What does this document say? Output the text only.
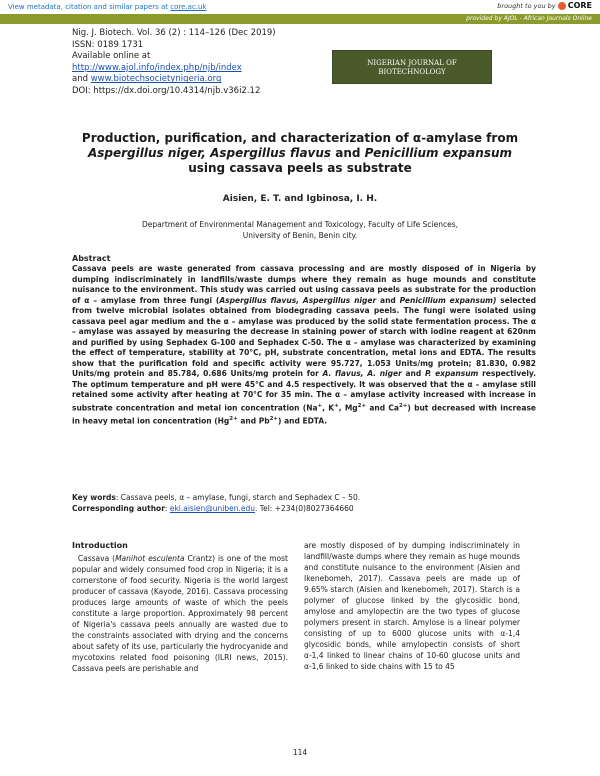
View metadata, citation and similar papers at core.ac.uk	brought to you by CORE
provided by AJOL - African Journals Online
Nig. J. Biotech. Vol. 36 (2) : 114–126 (Dec 2019)
ISSN: 0189 1731
Available online at
http://www.ajol.info/index.php/njb/index
and www.biotechsocietynigeria.org
DOI: https://dx.doi.org/10.4314/njb.v36i2.12
NIGERIAN JOURNAL OF
BIOTECHNOLOGY
Production, purification, and characterization of α-amylase from
Aspergillus niger, Aspergillus flavus and Penicillium expansum
using cassava peels as substrate
Aisien, E. T. and Igbinosa, I. H.
Department of Environmental Management and Toxicology, Faculty of Life Sciences,
University of Benin, Benin city.
Abstract
Cassava peels are waste generated from cassava processing and are mostly disposed of in Nigeria by dumping indiscriminately in landfills/waste dumps where they remain as huge mounds and constitute nuisance to the environment. This study was carried out using cassava peels as substrate for the production of α – amylase from three fungi (Aspergillus flavus, Aspergillus niger and Penicillium expansum) selected from twelve microbial isolates obtained from biodegrading cassava peels. The fungi were isolated using cassava peel agar medium and the α – amylase was produced by the solid state fermentation process. The α – amylase was assayed by measuring the decrease in staining power of starch with iodine reagent at 620nm and purified by using Sephadex G-100 and Sephadex C-50. The α – amylase was characterized by examining the effect of temperature, stability at 70°C, pH, substrate concentration, metal ions and EDTA. The results show that the purification fold and specific activity were 95.727, 1.053 Units/mg protein; 81.830, 0.982 Units/mg protein and 85.784, 0.686 Units/mg protein for A. flavus, A. niger and P. expansum respectively. The optimum temperature and pH were 45°C and 4.5 respectively. It was observed that the α – amylase still retained some activity after heating at 70°C for 35 min. The α – amylase activity increased with increase in substrate concentration and metal ion concentration (Na+, K+, $Mg^{2+}$ and $Ca^{2+}$) but decreased with increase in heavy metal ion concentration ($Hg^{2+}$ and $Pb^{2+}$) and EDTA.
Key words: Cassava peels, α – amylase, fungi, starch and Sephadex C – 50.
Corresponding author: eki.aisien@uniben.edu. Tel: +234(0)8027364660
Introduction
Cassava (Manihot esculenta Crantz) is one of the most popular and widely consumed food crop in Nigeria; it is a cornerstone of food security. Nigeria is the world largest producer of cassava (Kayode, 2016). Cassava processing produces large amounts of waste of which the peels constitute a large proportion. Approximately 98 percent of Nigeria's cassava peels annually are wasted due to the constraints associated with drying and the concerns about safety of its use, particularly the hydrocyanide and mycotoxins related food poisoning (ILRI news, 2015). Cassava peels are perishable and
are mostly disposed of by dumping indiscriminately in landfill/waste dumps where they remain as huge mounds and constitute nuisance to the environment (Aisien and Ikenebomeh, 2017). Cassava peels are made up of 9.65% starch (Aisien and Ikenebomeh, 2017). Starch is a polymer of glucose linked by the glycosidic bond, amylose and amylopectin are the two types of glucose polymers present in starch. Amylose is a linear polymer consisting of up to 6000 glucose units with α-1,4 glycosidic bonds, while amylopectin consists of short α-1,4 linked to linear chains of 10-60 glucose units and α-1,6 linked to side chains with 15 to 45
114
